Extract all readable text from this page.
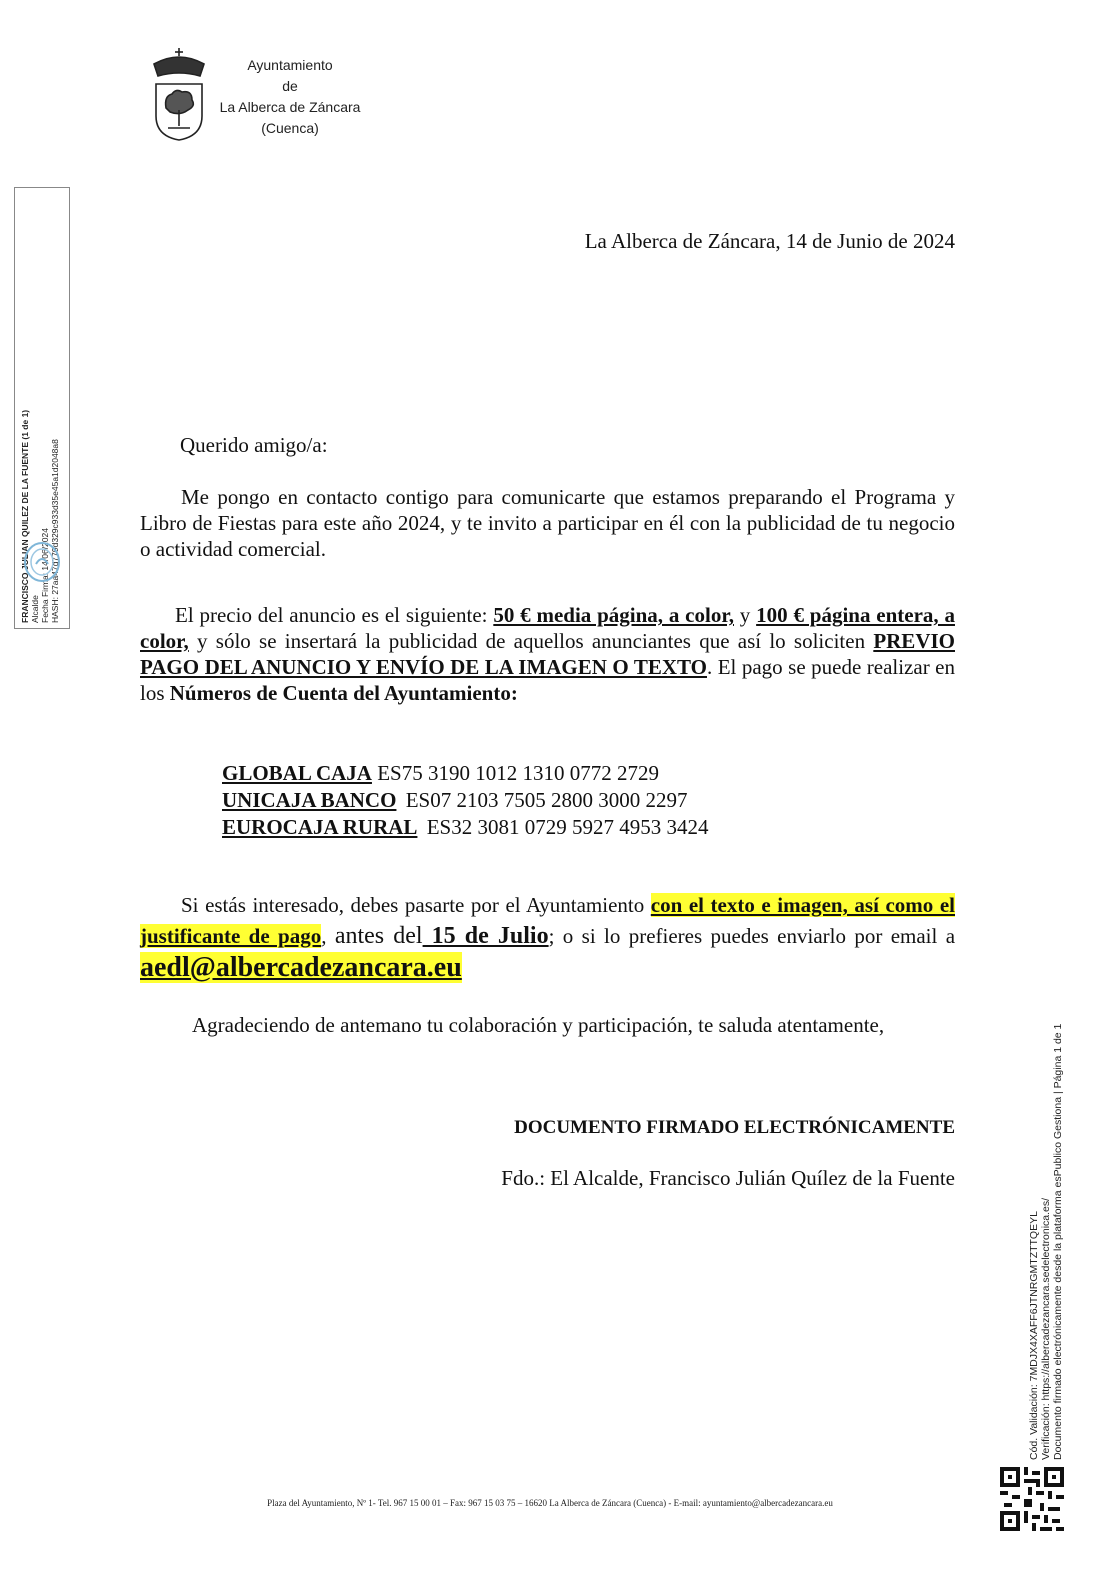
Ayuntamiento
de
La Alberca de Záncara
(Cuenca)
FRANCISCO JULIAN QUILEZ DE LA FUENTE (1 de 1) Alcalde Fecha Firma: 14/06/2024 HASH: 27aa47d779d329c933d35e45a1d2048a8
La Alberca de Záncara, 14 de Junio de 2024
Querido amigo/a:

Me pongo en contacto contigo para comunicarte que estamos preparando el Programa y Libro de Fiestas para este año 2024, y te invito a participar en él con la publicidad de tu negocio o actividad comercial.

El precio del anuncio es el siguiente: 50 € media página, a color, y 100 € página entera, a color, y sólo se insertará la publicidad de aquellos anunciantes que así lo soliciten PREVIO PAGO DEL ANUNCIO Y ENVÍO DE LA IMAGEN O TEXTO. El pago se puede realizar en los Números de Cuenta del Ayuntamiento:

GLOBAL CAJA ES75 3190 1012 1310 0772 2729
UNICAJA BANCO ES07 2103 7505 2800 3000 2297
EUROCAJA RURAL ES32 3081 0729 5927 4953 3424

Si estás interesado, debes pasarte por el Ayuntamiento con el texto e imagen, así como el justificante de pago, antes del 15 de Julio; o si lo prefieres puedes enviarlo por email a aedl@albercadezancara.eu

Agradeciendo de antemano tu colaboración y participación, te saluda atentamente,
DOCUMENTO FIRMADO ELECTRÓNICAMENTE
Fdo.: El Alcalde, Francisco Julián Quílez de la Fuente
Plaza del Ayuntamiento, Nº 1- Tel. 967 15 00 01 – Fax: 967 15 03 75 – 16620 La Alberca de Záncara (Cuenca) - E-mail: ayuntamiento@albercadezancara.eu
Cód. Validación: 7MDJX4XAFF6JTNRGMTZTTQEYL Verificación: https://albercadezancara.sedelectronica.es/ Documento firmado electrónicamente desde la plataforma esPublico Gestiona | Página 1 de 1
